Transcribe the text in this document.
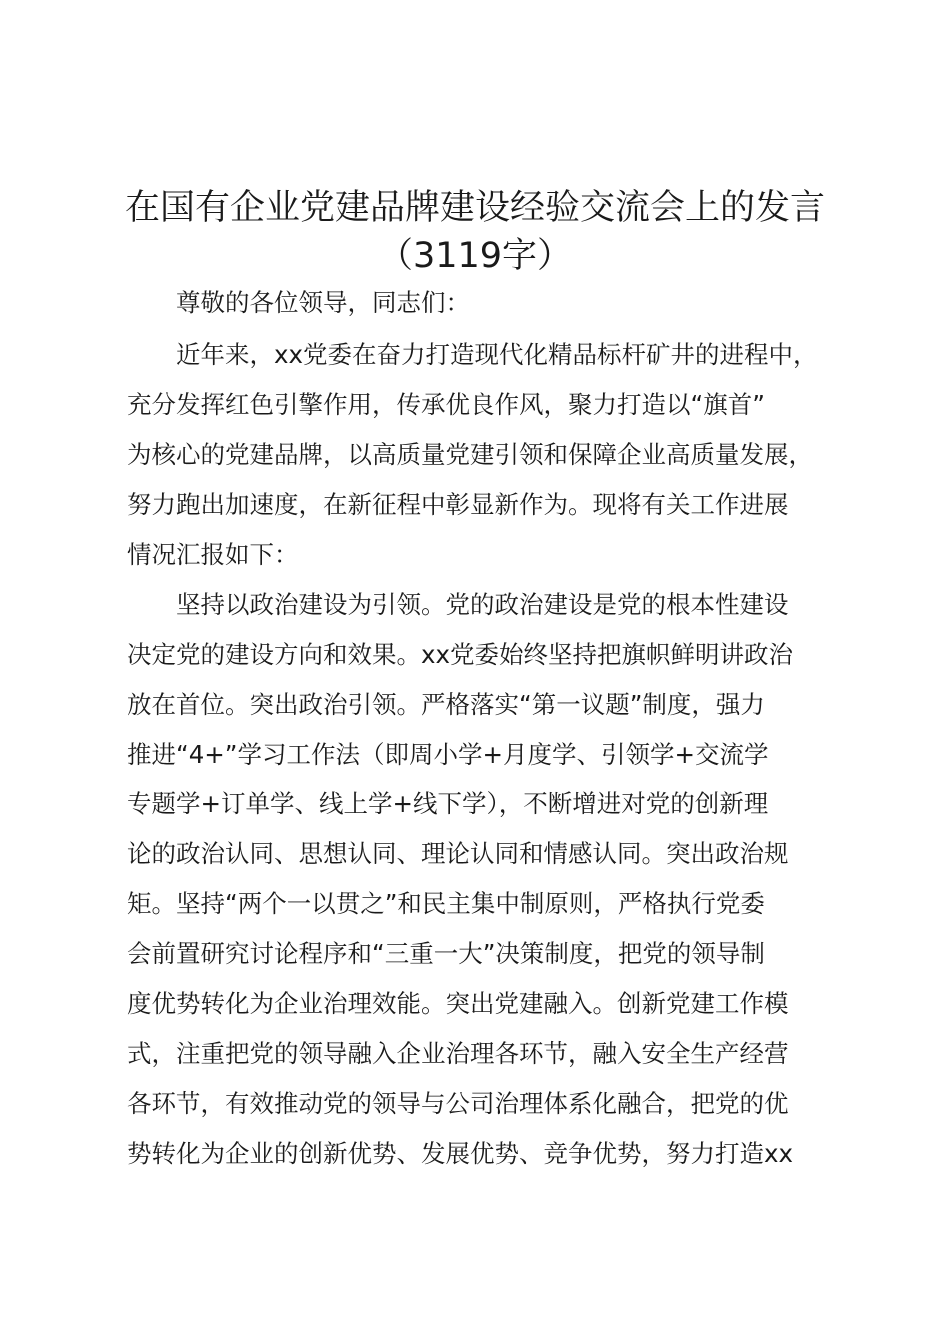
在国有企业党建品牌建设经验交流会上的发言
（3119字）

　　尊敬的各位领导，同志们：

　　近年来，xx党委在奋力打造现代化精品标杆矿井的进程中，

充分发挥红色引擎作用，传承优良作风，聚力打造以“旗首”

为核心的党建品牌，以高质量党建引领和保障企业高质量发展，

努力跑出加速度，在新征程中彰显新作为。现将有关工作进展

情况汇报如下：

　　坚持以政治建设为引领。党的政治建设是党的根本性建设

决定党的建设方向和效果。xx党委始终坚持把旗帜鲜明讲政治

放在首位。突出政治引领。严格落实“第一议题”制度，强力

推进“4+”学习工作法（即周小学+月度学、引领学+交流学

专题学+订单学、线上学+线下学），不断增进对党的创新理

论的政治认同、思想认同、理论认同和情感认同。突出政治规

矩。坚持“两个一以贯之”和民主集中制原则，严格执行党委

会前置研究讨论程序和“三重一大”决策制度，把党的领导制

度优势转化为企业治理效能。突出党建融入。创新党建工作模

式，注重把党的领导融入企业治理各环节，融入安全生产经营

各环节，有效推动党的领导与公司治理体系化融合，把党的优

势转化为企业的创新优势、发展优势、竞争优势，努力打造xx
